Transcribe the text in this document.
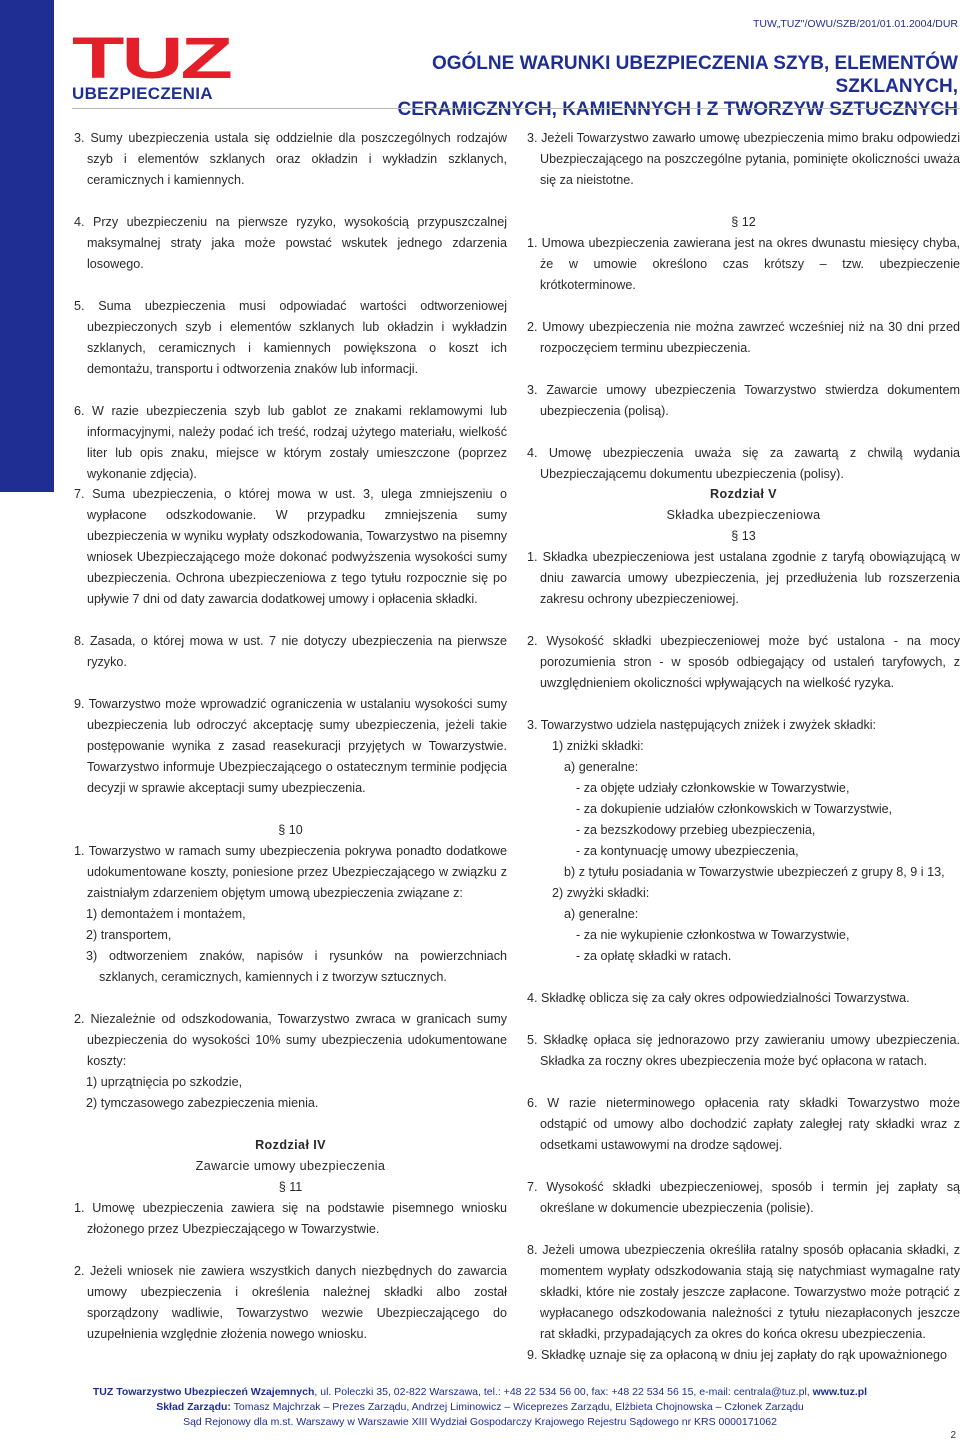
TUZ
UBEZPIECZENIA
TUW„TUZ"/OWU/SZB/201/01.01.2004/DUR
OGÓLNE WARUNKI UBEZPIECZENIA SZYB, ELEMENTÓW SZKLANYCH,
CERAMICZNYCH, KAMIENNYCH I Z TWORZYW SZTUCZNYCH

3. Sumy ubezpieczenia ustala się oddzielnie dla poszczególnych rodzajów szyb i elementów szklanych oraz okładzin i wykładzin szklanych, ceramicznych i kamiennych.

4. Przy ubezpieczeniu na pierwsze ryzyko, wysokością przypuszczalnej maksymalnej straty jaka może powstać wskutek jednego zdarzenia losowego.

5. Suma ubezpieczenia musi odpowiadać wartości odtworzeniowej ubezpieczonych szyb i elementów szklanych lub okładzin i wykładzin szklanych, ceramicznych i kamiennych powiększona o koszt ich demontażu, transportu i odtworzenia znaków lub informacji.

6. W razie ubezpieczenia szyb lub gablot ze znakami reklamowymi lub informacyjnymi, należy podać ich treść, rodzaj użytego materiału, wielkość liter lub opis znaku, miejsce w którym zostały umieszczone (poprzez wykonanie zdjęcia).

7. Suma ubezpieczenia, o której mowa w ust. 3, ulega zmniejszeniu o wypłacone odszkodowanie. W przypadku zmniejszenia sumy ubezpieczenia w wyniku wypłaty odszkodowania, Towarzystwo na pisemny wniosek Ubezpieczającego może dokonać podwyższenia wysokości sumy ubezpieczenia. Ochrona ubezpieczeniowa z tego tytułu rozpocznie się po upływie 7 dni od daty zawarcia dodatkowej umowy i opłacenia składki.

8. Zasada, o której mowa w ust. 7 nie dotyczy ubezpieczenia na pierwsze ryzyko.

9. Towarzystwo może wprowadzić ograniczenia w ustalaniu wysokości sumy ubezpieczenia lub odroczyć akceptację sumy ubezpieczenia, jeżeli takie postępowanie wynika z zasad reasekuracji przyjętych w Towarzystwie. Towarzystwo informuje Ubezpieczającego o ostatecznym terminie podjęcia decyzji w sprawie akceptacji sumy ubezpieczenia.

§ 10

1. Towarzystwo w ramach sumy ubezpieczenia pokrywa ponadto dodatkowe udokumentowane koszty, poniesione przez Ubezpieczającego w związku z zaistniałym zdarzeniem objętym umową ubezpieczenia związane z:

1) demontażem i montażem,

2) transportem,

3) odtworzeniem znaków, napisów i rysunków na powierzchniach szklanych, ceramicznych, kamiennych i z tworzyw sztucznych.

2. Niezależnie od odszkodowania, Towarzystwo zwraca w granicach sumy ubezpieczenia do wysokości 10% sumy ubezpieczenia udokumentowane koszty:

1) uprzątnięcia po szkodzie,

2) tymczasowego zabezpieczenia mienia.

Rozdział IV

Zawarcie umowy ubezpieczenia

§ 11

1. Umowę ubezpieczenia zawiera się na podstawie pisemnego wniosku złożonego przez Ubezpieczającego w Towarzystwie.

2. Jeżeli wniosek nie zawiera wszystkich danych niezbędnych do zawarcia umowy ubezpieczenia i określenia należnej składki albo został sporządzony wadliwie, Towarzystwo wezwie Ubezpieczającego do uzupełnienia względnie złożenia nowego wniosku.

3. Jeżeli Towarzystwo zawarło umowę ubezpieczenia mimo braku odpowiedzi Ubezpieczającego na poszczególne pytania, pominięte okoliczności uważa się za nieistotne.

§ 12

1. Umowa ubezpieczenia zawierana jest na okres dwunastu miesięcy chyba, że w umowie określono czas krótszy – tzw. ubezpieczenie krótkoterminowe.

2. Umowy ubezpieczenia nie można zawrzeć wcześniej niż na 30 dni przed rozpoczęciem terminu ubezpieczenia.

3. Zawarcie umowy ubezpieczenia Towarzystwo stwierdza dokumentem ubezpieczenia (polisą).

4. Umowę ubezpieczenia uważa się za zawartą z chwilą wydania Ubezpieczającemu dokumentu ubezpieczenia (polisy).

Rozdział V

Składka ubezpieczeniowa

§ 13

1. Składka ubezpieczeniowa jest ustalana zgodnie z taryfą obowiązującą w dniu zawarcia umowy ubezpieczenia, jej przedłużenia lub rozszerzenia zakresu ochrony ubezpieczeniowej.

2. Wysokość składki ubezpieczeniowej może być ustalona - na mocy porozumienia stron - w sposób odbiegający od ustaleń taryfowych, z uwzględnieniem okoliczności wpływających na wielkość ryzyka.

3. Towarzystwo udziela następujących zniżek i zwyżek składki:

1) zniżki składki:

a) generalne:

- za objęte udziały członkowskie w Towarzystwie,

- za dokupienie udziałów członkowskich w Towarzystwie,

- za bezszkodowy przebieg ubezpieczenia,

- za kontynuację umowy ubezpieczenia,

b) z tytułu posiadania w Towarzystwie ubezpieczeń z grupy 8, 9 i 13,

2) zwyżki składki:

a) generalne:

- za nie wykupienie członkostwa w Towarzystwie,

- za opłatę składki w ratach.

4. Składkę oblicza się za cały okres odpowiedzialności Towarzystwa.

5. Składkę opłaca się jednorazowo przy zawieraniu umowy ubezpieczenia. Składka za roczny okres ubezpieczenia może być opłacona w ratach.

6. W razie nieterminowego opłacenia raty składki Towarzystwo może odstąpić od umowy albo dochodzić zapłaty zaległej raty składki wraz z odsetkami ustawowymi na drodze sądowej.

7. Wysokość składki ubezpieczeniowej, sposób i termin jej zapłaty są określane w dokumencie ubezpieczenia (polisie).

8. Jeżeli umowa ubezpieczenia określiła ratalny sposób opłacania składki, z momentem wypłaty odszkodowania stają się natychmiast wymagalne raty składki, które nie zostały jeszcze zapłacone. Towarzystwo może potrącić z wypłacanego odszkodowania należności z tytułu niezapłaconych jeszcze rat składki, przypadających za okres do końca okresu ubezpieczenia.

9. Składkę uznaje się za opłaconą w dniu jej zapłaty do rąk upoważnionego

TUZ Towarzystwo Ubezpieczeń Wzajemnych, ul. Poleczki 35, 02-822 Warszawa, tel.: +48 22 534 56 00, fax: +48 22 534 56 15, e-mail: centrala@tuz.pl, www.tuz.pl
Skład Zarządu: Tomasz Majchrzak – Prezes Zarządu, Andrzej Liminowicz – Wiceprezes Zarządu, Elżbieta Chojnowska – Członek Zarządu
Sąd Rejonowy dla m.st. Warszawy w Warszawie XIII Wydział Gospodarczy Krajowego Rejestru Sądowego nr KRS 0000171062
2
